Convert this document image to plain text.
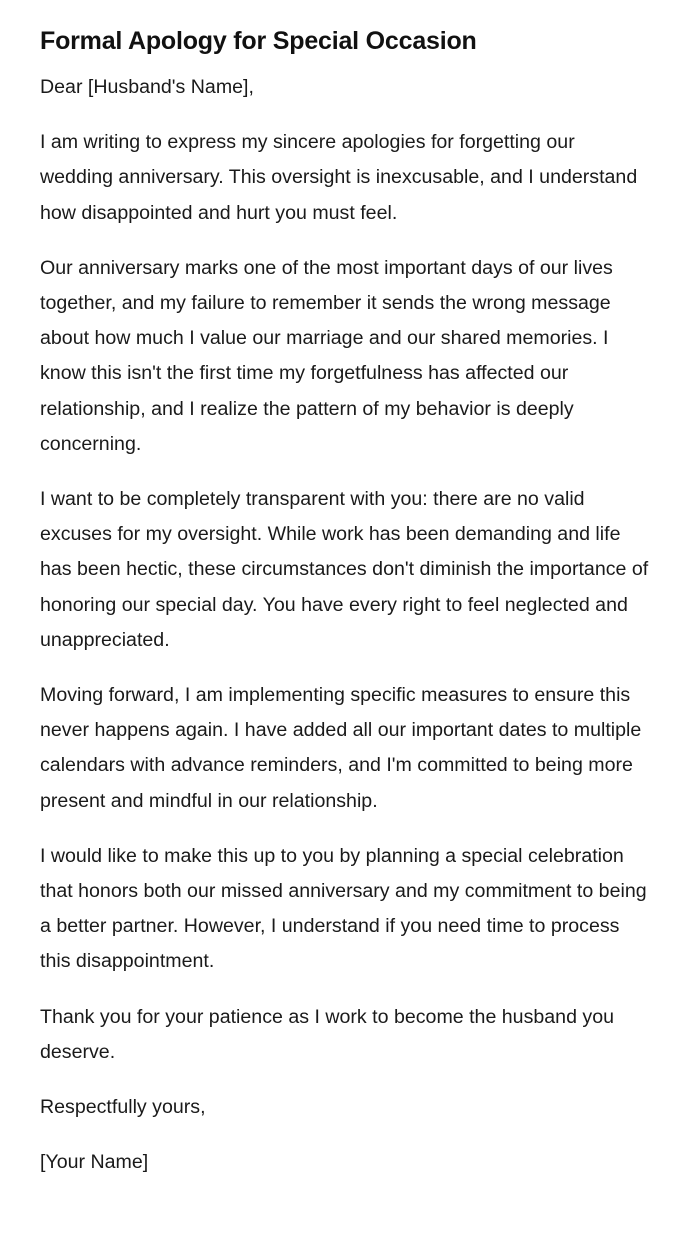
Formal Apology for Special Occasion

Dear [Husband's Name],

I am writing to express my sincere apologies for forgetting our wedding anniversary. This oversight is inexcusable, and I understand how disappointed and hurt you must feel.

Our anniversary marks one of the most important days of our lives together, and my failure to remember it sends the wrong message about how much I value our marriage and our shared memories. I know this isn't the first time my forgetfulness has affected our relationship, and I realize the pattern of my behavior is deeply concerning.

I want to be completely transparent with you: there are no valid excuses for my oversight. While work has been demanding and life has been hectic, these circumstances don't diminish the importance of honoring our special day. You have every right to feel neglected and unappreciated.

Moving forward, I am implementing specific measures to ensure this never happens again. I have added all our important dates to multiple calendars with advance reminders, and I'm committed to being more present and mindful in our relationship.

I would like to make this up to you by planning a special celebration that honors both our missed anniversary and my commitment to being a better partner. However, I understand if you need time to process this disappointment.

Thank you for your patience as I work to become the husband you deserve.

Respectfully yours,

[Your Name]
